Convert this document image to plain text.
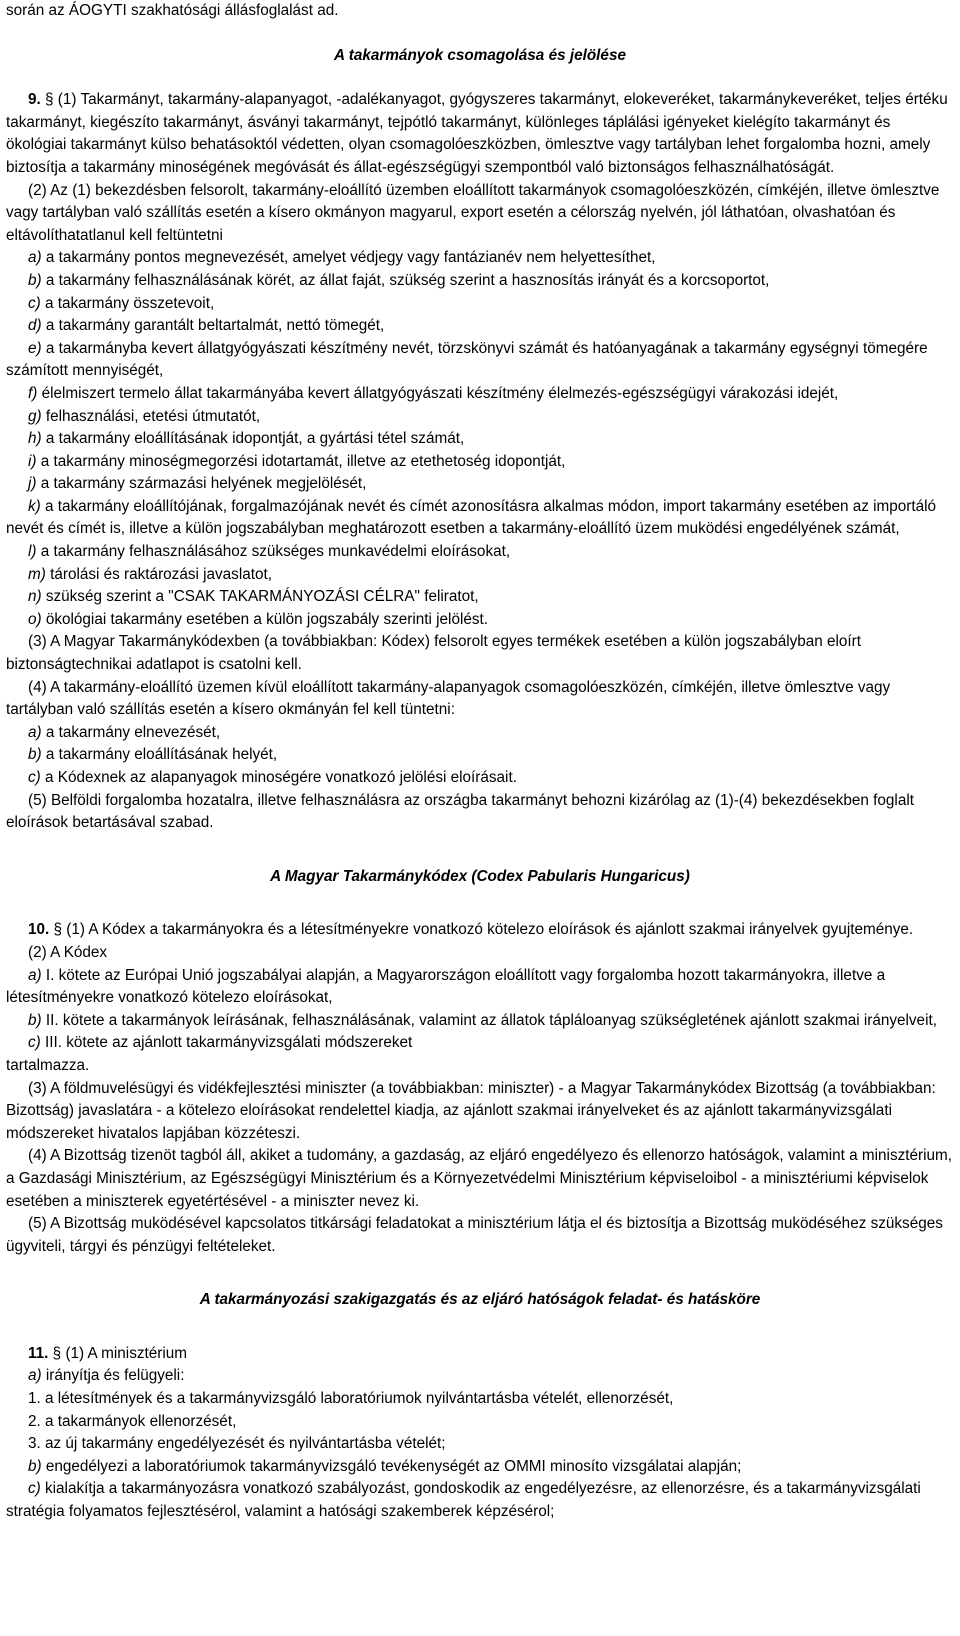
során az ÁOGYTI szakhatósági állásfoglalást ad.

A takarmányok csomagolása és jelölése

9. § (1) Takarmányt, takarmány-alapanyagot, -adalékanyagot, gyógyszeres takarmányt, elokeveréket, takarmánykeveréket, teljes értéku takarmányt, kiegészíto takarmányt, ásványi takarmányt, tejpótló takarmányt, különleges táplálási igényeket kielégíto takarmányt és ökológiai takarmányt külso behatásoktól védetten, olyan csomagolóeszközben, ömlesztve vagy tartályban lehet forgalomba hozni, amely biztosítja a takarmány minoségének megóvását és állat-egészségügyi szempontból való biztonságos felhasználhatóságát.

(2) Az (1) bekezdésben felsorolt, takarmány-eloállító üzemben eloállított takarmányok csomagolóeszközén, címkéjén, illetve ömlesztve vagy tartályban való szállítás esetén a kísero okmányon magyarul, export esetén a célország nyelvén, jól láthatóan, olvashatóan és eltávolíthatatlanul kell feltüntetni

a) a takarmány pontos megnevezését, amelyet védjegy vagy fantázianév nem helyettesíthet,

b) a takarmány felhasználásának körét, az állat faját, szükség szerint a hasznosítás irányát és a korcsoportot,

c) a takarmány összetevoit,

d) a takarmány garantált beltartalmát, nettó tömegét,

e) a takarmányba kevert állatgyógyászati készítmény nevét, törzskönyvi számát és hatóanyagának a takarmány egységnyi tömegére számított mennyiségét,

f) élelmiszert termelo állat takarmányába kevert állatgyógyászati készítmény élelmezés-egészségügyi várakozási idejét,

g) felhasználási, etetési útmutatót,

h) a takarmány eloállításának idopontját, a gyártási tétel számát,

i) a takarmány minoségmegorzési idotartamát, illetve az etethetoség idopontját,

j) a takarmány származási helyének megjelölését,

k) a takarmány eloállítójának, forgalmazójának nevét és címét azonosításra alkalmas módon, import takarmány esetében az importáló nevét és címét is, illetve a külön jogszabályban meghatározott esetben a takarmány-eloállító üzem muködési engedélyének számát,

l) a takarmány felhasználásához szükséges munkavédelmi eloírásokat,

m) tárolási és raktározási javaslatot,

n) szükség szerint a "CSAK TAKARMÁNYOZÁSI CÉLRA" feliratot,

o) ökológiai takarmány esetében a külön jogszabály szerinti jelölést.

(3) A Magyar Takarmánykódexben (a továbbiakban: Kódex) felsorolt egyes termékek esetében a külön jogszabályban eloírt biztonságtechnikai adatlapot is csatolni kell.

(4) A takarmány-eloállító üzemen kívül eloállított takarmány-alapanyagok csomagolóeszközén, címkéjén, illetve ömlesztve vagy tartályban való szállítás esetén a kísero okmányán fel kell tüntetni:

a) a takarmány elnevezését,

b) a takarmány eloállításának helyét,

c) a Kódexnek az alapanyagok minoségére vonatkozó jelölési eloírásait.

(5) Belföldi forgalomba hozatalra, illetve felhasználásra az országba takarmányt behozni kizárólag az (1)-(4) bekezdésekben foglalt eloírások betartásával szabad.

A Magyar Takarmánykódex (Codex Pabularis Hungaricus)

10. § (1) A Kódex a takarmányokra és a létesítményekre vonatkozó kötelezo eloírások és ajánlott szakmai irányelvek gyujteménye.

(2) A Kódex

a) I. kötete az Európai Unió jogszabályai alapján, a Magyarországon eloállított vagy forgalomba hozott takarmányokra, illetve a létesítményekre vonatkozó kötelezo eloírásokat,

b) II. kötete a takarmányok leírásának, felhasználásának, valamint az állatok tápláloanyag szükségletének ajánlott szakmai irányelveit,

c) III. kötete az ajánlott takarmányvizsgálati módszereket

tartalmazza.

(3) A földmuvelésügyi és vidékfejlesztési miniszter (a továbbiakban: miniszter) - a Magyar Takarmánykódex Bizottság (a továbbiakban: Bizottság) javaslatára - a kötelezo eloírásokat rendelettel kiadja, az ajánlott szakmai irányelveket és az ajánlott takarmányvizsgálati módszereket hivatalos lapjában közzéteszi.

(4) A Bizottság tizenöt tagból áll, akiket a tudomány, a gazdaság, az eljáró engedélyezo és ellenorzo hatóságok, valamint a minisztérium, a Gazdasági Minisztérium, az Egészségügyi Minisztérium és a Környezetvédelmi Minisztérium képviseloibol - a minisztériumi képviselok esetében a miniszterek egyetértésével - a miniszter nevez ki.

(5) A Bizottság muködésével kapcsolatos titkársági feladatokat a minisztérium látja el és biztosítja a Bizottság muködéséhez szükséges ügyviteli, tárgyi és pénzügyi feltételeket.

A takarmányozási szakigazgatás és az eljáró hatóságok feladat- és hatásköre

11. § (1) A minisztérium

a) irányítja és felügyeli:

1. a létesítmények és a takarmányvizsgáló laboratóriumok nyilvántartásba vételét, ellenorzését,

2. a takarmányok ellenorzését,

3. az új takarmány engedélyezését és nyilvántartásba vételét;

b) engedélyezi a laboratóriumok takarmányvizsgáló tevékenységét az OMMI minosíto vizsgálatai alapján;

c) kialakítja a takarmányozásra vonatkozó szabályozást, gondoskodik az engedélyezésre, az ellenorzésre, és a takarmányvizsgálati stratégia folyamatos fejlesztésérol, valamint a hatósági szakemberek képzésérol;
